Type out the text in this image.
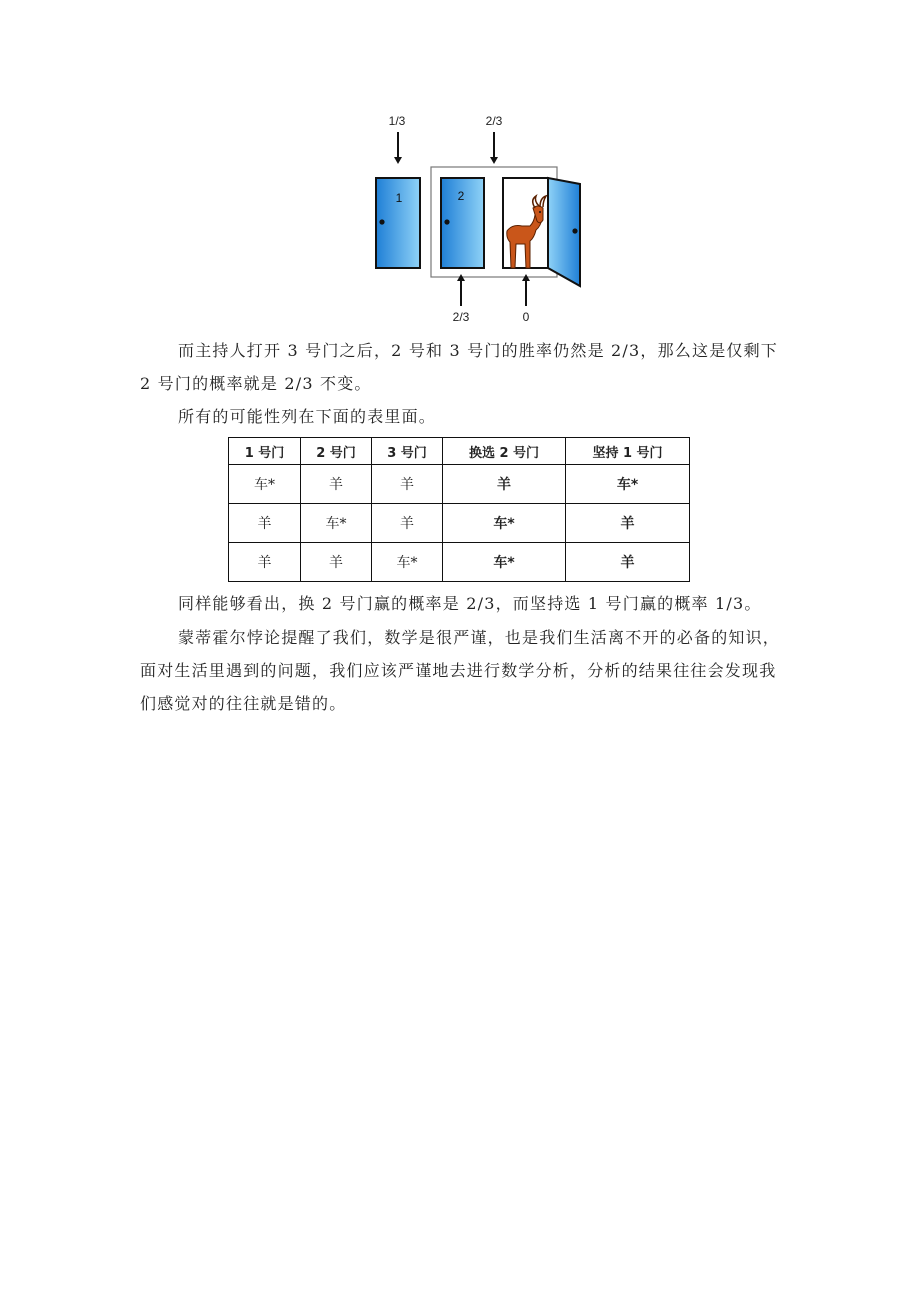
1/3	2/3
1	2
2/3	0

而主持人打开 3 号门之后，2 号和 3 号门的胜率仍然是 2/3，那么这是仅剩下 2 号门的概率就是 2/3 不变。

所有的可能性列在下面的表里面。

1 号门	2 号门	3 号门	换选 2 号门	坚持 1 号门
车*	羊	羊	羊	车*
羊	车*	羊	车*	羊
羊	羊	车*	车*	羊

同样能够看出，换 2 号门赢的概率是 2/3，而坚持选 1 号门赢的概率 1/3。

蒙蒂霍尔悖论提醒了我们，数学是很严谨，也是我们生活离不开的必备的知识，面对生活里遇到的问题，我们应该严谨地去进行数学分析，分析的结果往往会发现我们感觉对的往往就是错的。
